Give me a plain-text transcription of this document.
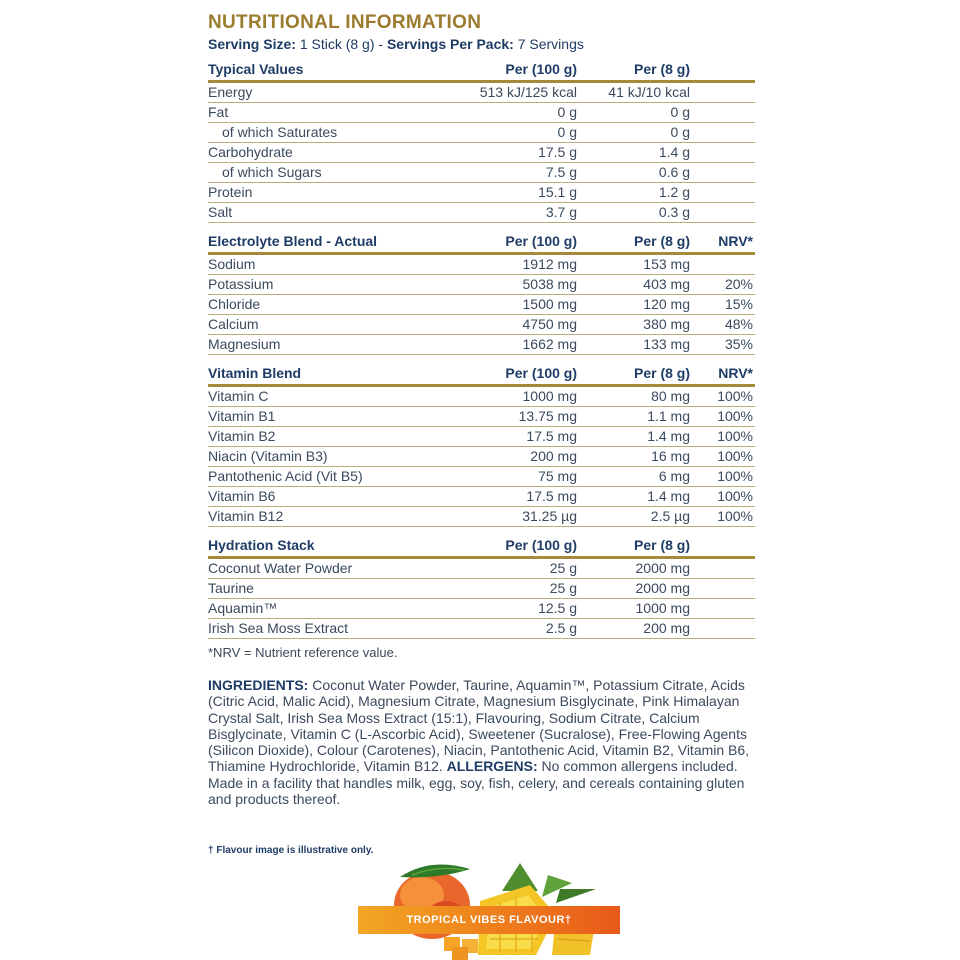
NUTRITIONAL INFORMATION
Serving Size: 1 Stick (8 g) - Servings Per Pack: 7 Servings
Typical Values	Per (100 g)	Per (8 g)	
Energy	513 kJ/125 kcal	41 kJ/10 kcal	
Fat	0 g	0 g	
of which Saturates	0 g	0 g	
Carbohydrate	17.5 g	1.4 g	
of which Sugars	7.5 g	0.6 g	
Protein	15.1 g	1.2 g	
Salt	3.7 g	0.3 g	

Electrolyte Blend - Actual	Per (100 g)	Per (8 g)	NRV*
Sodium	1912 mg	153 mg	
Potassium	5038 mg	403 mg	20%
Chloride	1500 mg	120 mg	15%
Calcium	4750 mg	380 mg	48%
Magnesium	1662 mg	133 mg	35%

Vitamin Blend	Per (100 g)	Per (8 g)	NRV*
Vitamin C	1000 mg	80 mg	100%
Vitamin B1	13.75 mg	1.1 mg	100%
Vitamin B2	17.5 mg	1.4 mg	100%
Niacin (Vitamin B3)	200 mg	16 mg	100%
Pantothenic Acid (Vit B5)	75 mg	6 mg	100%
Vitamin B6	17.5 mg	1.4 mg	100%
Vitamin B12	31.25 µg	2.5 µg	100%

Hydration Stack	Per (100 g)	Per (8 g)	
Coconut Water Powder	25 g	2000 mg	
Taurine	25 g	2000 mg	
Aquamin™	12.5 g	1000 mg	
Irish Sea Moss Extract	2.5 g	200 mg	
*NRV = Nutrient reference value.
INGREDIENTS: Coconut Water Powder, Taurine, Aquamin™, Potassium Citrate, Acids (Citric Acid, Malic Acid), Magnesium Citrate, Magnesium Bisglycinate, Pink Himalayan Crystal Salt, Irish Sea Moss Extract (15:1), Flavouring, Sodium Citrate, Calcium Bisglycinate, Vitamin C (L-Ascorbic Acid), Sweetener (Sucralose), Free-Flowing Agents (Silicon Dioxide), Colour (Carotenes), Niacin, Pantothenic Acid, Vitamin B2, Vitamin B6, Thiamine Hydrochloride, Vitamin B12. ALLERGENS: No common allergens included. Made in a facility that handles milk, egg, soy, fish, celery, and cereals containing gluten and products thereof.
† Flavour image is illustrative only.
TROPICAL VIBES FLAVOUR†
